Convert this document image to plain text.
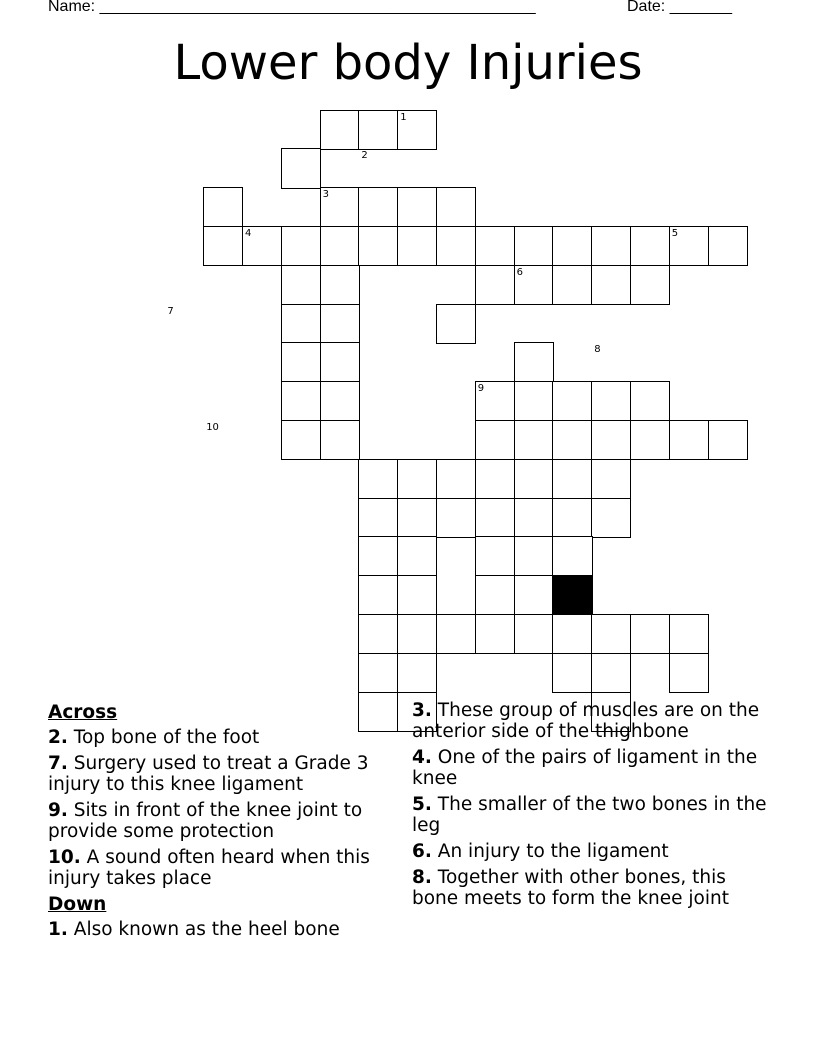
Name: _________________________________________________	Date: _______
Lower body Injuries
1
2
3
4	5
6
7
8
9
10
Across
2. Top bone of the foot
7. Surgery used to treat a Grade 3 injury to this knee ligament
9. Sits in front of the knee joint to provide some protection
10. A sound often heard when this injury takes place
Down
1. Also known as the heel bone
3. These group of muscles are on the anterior side of the thighbone
4. One of the pairs of ligament in the knee
5. The smaller of the two bones in the leg
6. An injury to the ligament
8. Together with other bones, this bone meets to form the knee joint
